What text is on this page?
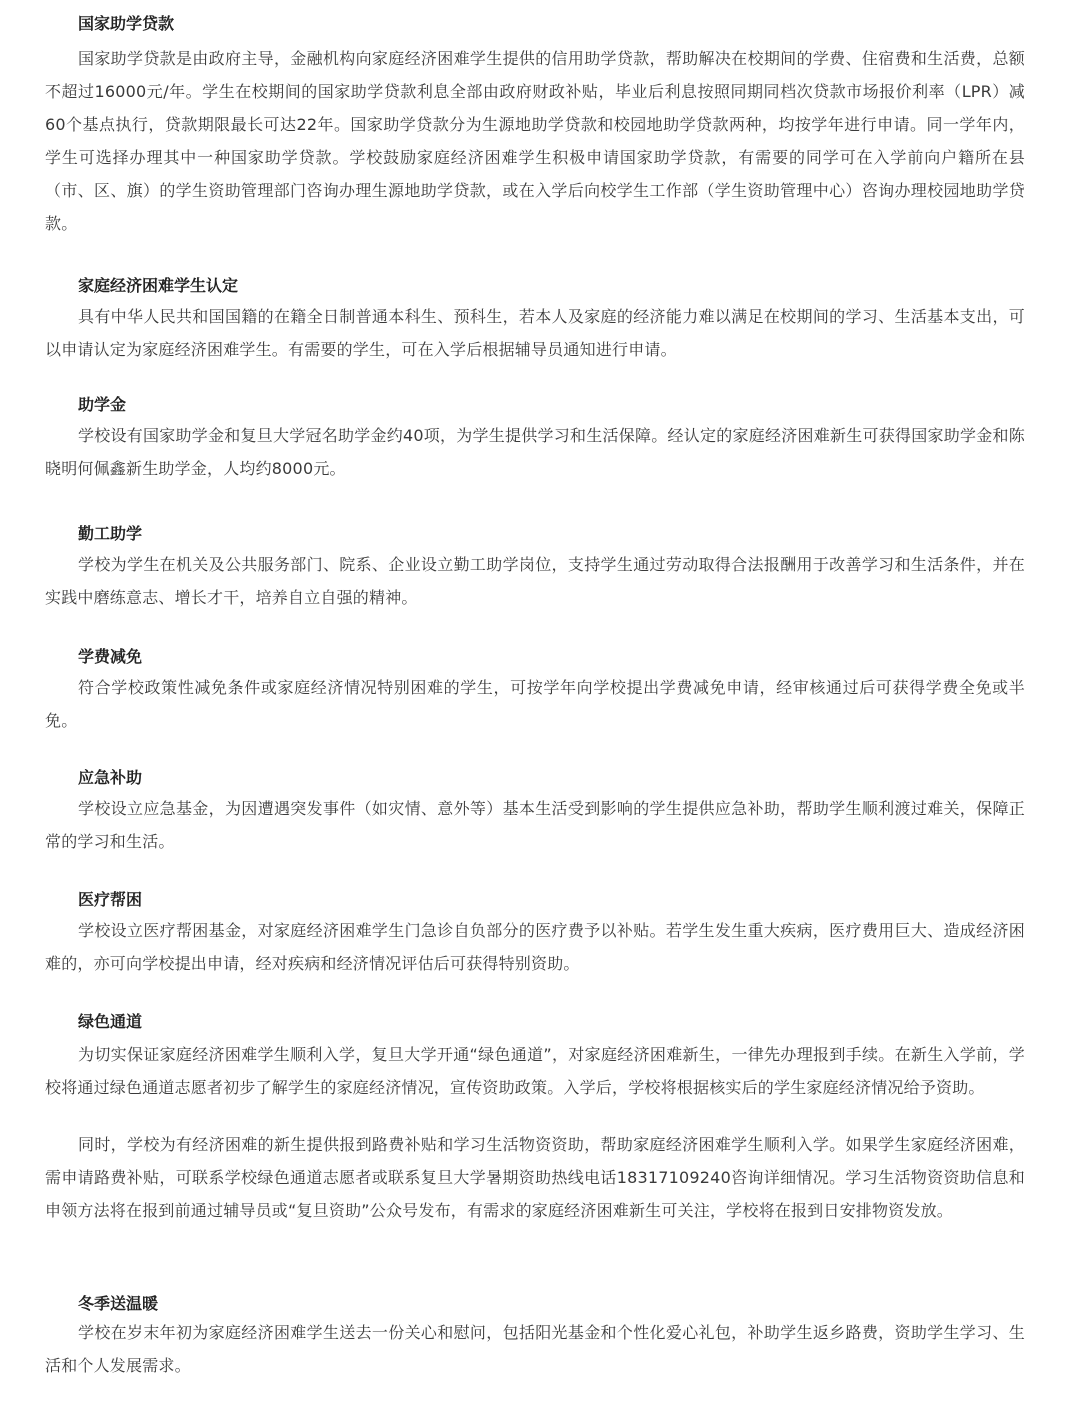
国家助学贷款
国家助学贷款是由政府主导，金融机构向家庭经济困难学生提供的信用助学贷款，帮助解决在校期间的学费、住宿费和生活费，总额不超过16000元/年。学生在校期间的国家助学贷款利息全部由政府财政补贴，毕业后利息按照同期同档次贷款市场报价利率（LPR）减60个基点执行，贷款期限最长可达22年。国家助学贷款分为生源地助学贷款和校园地助学贷款两种，均按学年进行申请。同一学年内，学生可选择办理其中一种国家助学贷款。学校鼓励家庭经济困难学生积极申请国家助学贷款，有需要的同学可在入学前向户籍所在县（市、区、旗）的学生资助管理部门咨询办理生源地助学贷款，或在入学后向校学生工作部（学生资助管理中心）咨询办理校园地助学贷款。
家庭经济困难学生认定
具有中华人民共和国国籍的在籍全日制普通本科生、预科生，若本人及家庭的经济能力难以满足在校期间的学习、生活基本支出，可以申请认定为家庭经济困难学生。有需要的学生，可在入学后根据辅导员通知进行申请。
助学金
学校设有国家助学金和复旦大学冠名助学金约40项，为学生提供学习和生活保障。经认定的家庭经济困难新生可获得国家助学金和陈晓明何佩鑫新生助学金，人均约8000元。
勤工助学
学校为学生在机关及公共服务部门、院系、企业设立勤工助学岗位，支持学生通过劳动取得合法报酬用于改善学习和生活条件，并在实践中磨练意志、增长才干，培养自立自强的精神。
学费减免
符合学校政策性减免条件或家庭经济情况特别困难的学生，可按学年向学校提出学费减免申请，经审核通过后可获得学费全免或半免。
应急补助
学校设立应急基金，为因遭遇突发事件（如灾情、意外等）基本生活受到影响的学生提供应急补助，帮助学生顺利渡过难关，保障正常的学习和生活。
医疗帮困
学校设立医疗帮困基金，对家庭经济困难学生门急诊自负部分的医疗费予以补贴。若学生发生重大疾病，医疗费用巨大、造成经济困难的，亦可向学校提出申请，经对疾病和经济情况评估后可获得特别资助。
绿色通道
为切实保证家庭经济困难学生顺利入学，复旦大学开通“绿色通道”，对家庭经济困难新生，一律先办理报到手续。在新生入学前，学校将通过绿色通道志愿者初步了解学生的家庭经济情况，宣传资助政策。入学后，学校将根据核实后的学生家庭经济情况给予资助。
同时，学校为有经济困难的新生提供报到路费补贴和学习生活物资资助，帮助家庭经济困难学生顺利入学。如果学生家庭经济困难，需申请路费补贴，可联系学校绿色通道志愿者或联系复旦大学暑期资助热线电话18317109240咨询详细情况。学习生活物资资助信息和申领方法将在报到前通过辅导员或“复旦资助”公众号发布，有需求的家庭经济困难新生可关注，学校将在报到日安排物资发放。
冬季送温暖
学校在岁末年初为家庭经济困难学生送去一份关心和慰问，包括阳光基金和个性化爱心礼包，补助学生返乡路费，资助学生学习、生活和个人发展需求。
